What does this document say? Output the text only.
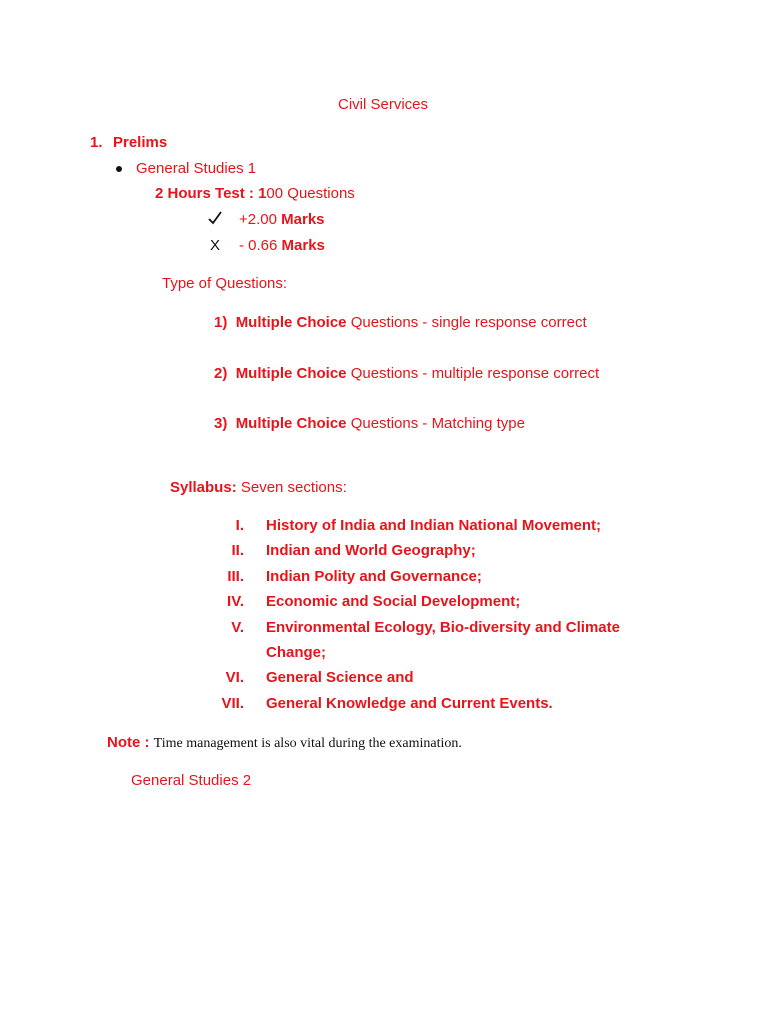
Civil Services
1. Prelims
General Studies 1
2 Hours Test : 100 Questions
+2.00 Marks
X - 0.66 Marks
Type of Questions:
1) Multiple Choice Questions - single response correct
2) Multiple Choice Questions - multiple response correct
3) Multiple Choice Questions - Matching type
Syllabus: Seven sections:
I. History of India and Indian National Movement;
II. Indian and World Geography;
III. Indian Polity and Governance;
IV. Economic and Social Development;
V. Environmental Ecology, Bio-diversity and Climate
Change;
VI. General Science and
VII. General Knowledge and Current Events.
Note : Time management is also vital during the examination.
General Studies 2
